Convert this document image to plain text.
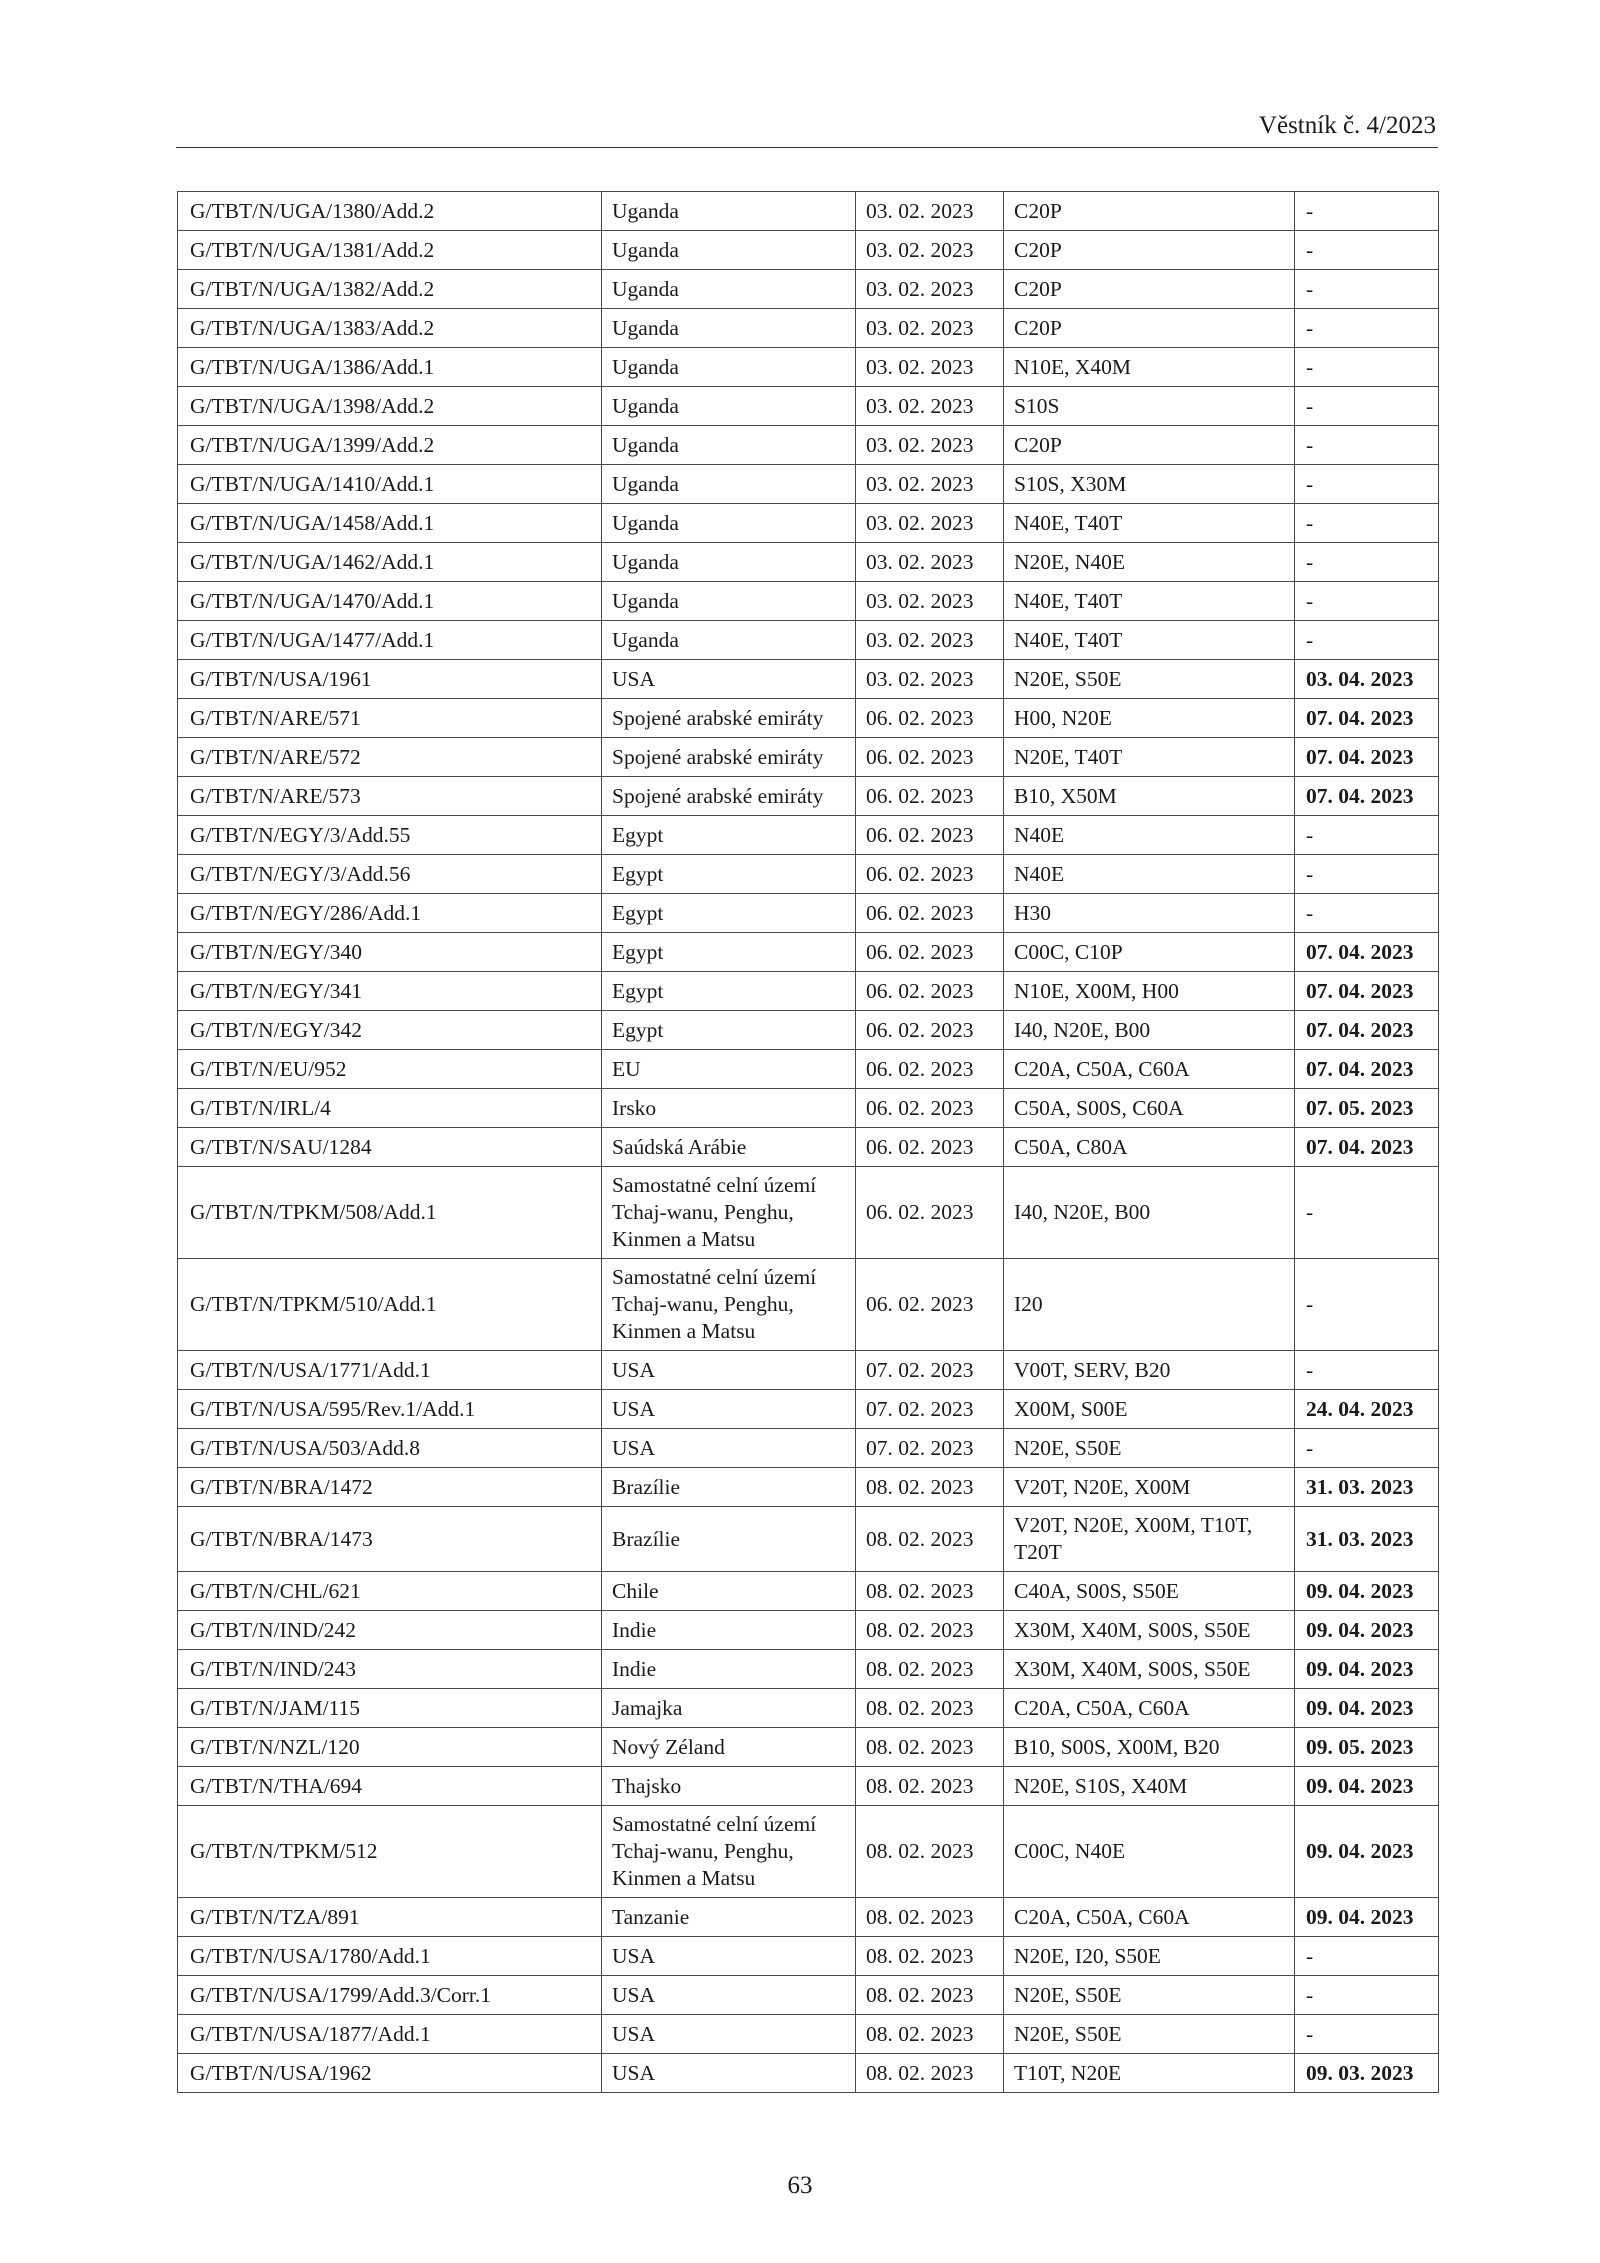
Věstník č. 4/2023
G/TBT/N/UGA/1380/Add.2	Uganda	03. 02. 2023	C20P	-
G/TBT/N/UGA/1381/Add.2	Uganda	03. 02. 2023	C20P	-
G/TBT/N/UGA/1382/Add.2	Uganda	03. 02. 2023	C20P	-
G/TBT/N/UGA/1383/Add.2	Uganda	03. 02. 2023	C20P	-
G/TBT/N/UGA/1386/Add.1	Uganda	03. 02. 2023	N10E, X40M	-
G/TBT/N/UGA/1398/Add.2	Uganda	03. 02. 2023	S10S	-
G/TBT/N/UGA/1399/Add.2	Uganda	03. 02. 2023	C20P	-
G/TBT/N/UGA/1410/Add.1	Uganda	03. 02. 2023	S10S, X30M	-
G/TBT/N/UGA/1458/Add.1	Uganda	03. 02. 2023	N40E, T40T	-
G/TBT/N/UGA/1462/Add.1	Uganda	03. 02. 2023	N20E, N40E	-
G/TBT/N/UGA/1470/Add.1	Uganda	03. 02. 2023	N40E, T40T	-
G/TBT/N/UGA/1477/Add.1	Uganda	03. 02. 2023	N40E, T40T	-
G/TBT/N/USA/1961	USA	03. 02. 2023	N20E, S50E	03. 04. 2023
G/TBT/N/ARE/571	Spojené arabské emiráty	06. 02. 2023	H00, N20E	07. 04. 2023
G/TBT/N/ARE/572	Spojené arabské emiráty	06. 02. 2023	N20E, T40T	07. 04. 2023
G/TBT/N/ARE/573	Spojené arabské emiráty	06. 02. 2023	B10, X50M	07. 04. 2023
G/TBT/N/EGY/3/Add.55	Egypt	06. 02. 2023	N40E	-
G/TBT/N/EGY/3/Add.56	Egypt	06. 02. 2023	N40E	-
G/TBT/N/EGY/286/Add.1	Egypt	06. 02. 2023	H30	-
G/TBT/N/EGY/340	Egypt	06. 02. 2023	C00C, C10P	07. 04. 2023
G/TBT/N/EGY/341	Egypt	06. 02. 2023	N10E, X00M, H00	07. 04. 2023
G/TBT/N/EGY/342	Egypt	06. 02. 2023	I40, N20E, B00	07. 04. 2023
G/TBT/N/EU/952	EU	06. 02. 2023	C20A, C50A, C60A	07. 04. 2023
G/TBT/N/IRL/4	Irsko	06. 02. 2023	C50A, S00S, C60A	07. 05. 2023
G/TBT/N/SAU/1284	Saúdská Arábie	06. 02. 2023	C50A, C80A	07. 04. 2023
G/TBT/N/TPKM/508/Add.1	Samostatné celní území Tchaj-wanu, Penghu, Kinmen a Matsu	06. 02. 2023	I40, N20E, B00	-
G/TBT/N/TPKM/510/Add.1	Samostatné celní území Tchaj-wanu, Penghu, Kinmen a Matsu	06. 02. 2023	I20	-
G/TBT/N/USA/1771/Add.1	USA	07. 02. 2023	V00T, SERV, B20	-
G/TBT/N/USA/595/Rev.1/Add.1	USA	07. 02. 2023	X00M, S00E	24. 04. 2023
G/TBT/N/USA/503/Add.8	USA	07. 02. 2023	N20E, S50E	-
G/TBT/N/BRA/1472	Brazílie	08. 02. 2023	V20T, N20E, X00M	31. 03. 2023
G/TBT/N/BRA/1473	Brazílie	08. 02. 2023	V20T, N20E, X00M, T10T, T20T	31. 03. 2023
G/TBT/N/CHL/621	Chile	08. 02. 2023	C40A, S00S, S50E	09. 04. 2023
G/TBT/N/IND/242	Indie	08. 02. 2023	X30M, X40M, S00S, S50E	09. 04. 2023
G/TBT/N/IND/243	Indie	08. 02. 2023	X30M, X40M, S00S, S50E	09. 04. 2023
G/TBT/N/JAM/115	Jamajka	08. 02. 2023	C20A, C50A, C60A	09. 04. 2023
G/TBT/N/NZL/120	Nový Zéland	08. 02. 2023	B10, S00S, X00M, B20	09. 05. 2023
G/TBT/N/THA/694	Thajsko	08. 02. 2023	N20E, S10S, X40M	09. 04. 2023
G/TBT/N/TPKM/512	Samostatné celní území Tchaj-wanu, Penghu, Kinmen a Matsu	08. 02. 2023	C00C, N40E	09. 04. 2023
G/TBT/N/TZA/891	Tanzanie	08. 02. 2023	C20A, C50A, C60A	09. 04. 2023
G/TBT/N/USA/1780/Add.1	USA	08. 02. 2023	N20E, I20, S50E	-
G/TBT/N/USA/1799/Add.3/Corr.1	USA	08. 02. 2023	N20E, S50E	-
G/TBT/N/USA/1877/Add.1	USA	08. 02. 2023	N20E, S50E	-
G/TBT/N/USA/1962	USA	08. 02. 2023	T10T, N20E	09. 03. 2023
63
